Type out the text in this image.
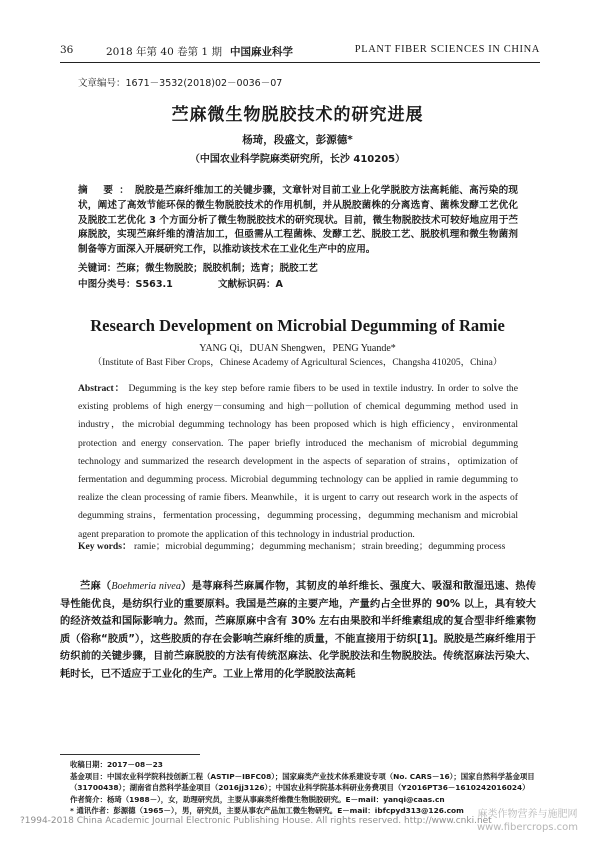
36	2018 年第 40 卷第 1 期 中国麻业科学	PLANT FIBER SCIENCES IN CHINA
文章编号：1671－3532(2018)02－0036－07
苎麻微生物脱胶技术的研究进展
杨琦，段盛文，彭源德*
（中国农业科学院麻类研究所，长沙 410205）
摘 要：脱胶是苎麻纤维加工的关键步骤，文章针对目前工业上化学脱胶方法高耗能、高污染的现状，阐述了高效节能环保的微生物脱胶技术的作用机制，并从脱胶菌株的分离选育、菌株发酵工艺优化及脱胶工艺优化 3 个方面分析了微生物脱胶技术的研究现状。目前，微生物脱胶技术可较好地应用于苎麻脱胶，实现苎麻纤维的清洁加工，但亟需从工程菌株、发酵工艺、脱胶工艺、脱胶机理和微生物菌剂制备等方面深入开展研究工作，以推动该技术在工业化生产中的应用。
关键词：苎麻；微生物脱胶；脱胶机制；选育；脱胶工艺
中图分类号：S563.1	文献标识码：A
Research Development on Microbial Degumming of Ramie
YANG Qi，DUAN Shengwen，PENG Yuande*
（Institute of Bast Fiber Crops，Chinese Academy of Agricultural Sciences，Changsha 410205，China）
Abstract： Degumming is the key step before ramie fibers to be used in textile industry. In order to solve the existing problems of high energy－consuming and high－pollution of chemical degumming method used in industry，the microbial degumming technology has been proposed which is high efficiency，environmental protection and energy conservation. The paper briefly introduced the mechanism of microbial degumming technology and summarized the research development in the aspects of separation of strains，optimization of fermentation and degumming process. Microbial degumming technology can be applied in ramie degumming to realize the clean processing of ramie fibers. Meanwhile，it is urgent to carry out research work in the aspects of degumming strains，fermentation processing，degumming processing，degumming mechanism and microbial agent preparation to promote the application of this technology in industrial production.
Key words： ramie；microbial degumming；degumming mechanism；strain breeding；degumming process
苎麻（Boehmeria nivea）是荨麻科苎麻属作物，其韧皮的单纤维长、强度大、吸湿和散湿迅速、热传导性能优良，是纺织行业的重要原料。我国是苎麻的主要产地，产量约占全世界的 90% 以上，具有较大的经济效益和国际影响力。然而，苎麻原麻中含有 30% 左右由果胶和半纤维素组成的复合型非纤维素物质（俗称“胶质”），这些胶质的存在会影响苎麻纤维的质量，不能直接用于纺织[1]。脱胶是苎麻纤维用于纺织前的关键步骤，目前苎麻脱胶的方法有传统沤麻法、化学脱胶法和生物脱胶法。传统沤麻法污染大、耗时长，已不适应于工业化的生产。工业上常用的化学脱胶法高耗
收稿日期：2017－08－23
基金项目：中国农业科学院科技创新工程（ASTIP－IBFC08）；国家麻类产业技术体系建设专项（No. CARS－16）；国家自然科学基金项目
（31700438）；湖南省自然科学基金项目（2016jj3126）；中国农业科学院基本科研业务费项目（Y2016PT36－1610242016024）
作者简介：杨琦（1988－），女，助理研究员，主要从事麻类纤维微生物脱胶研究。E－mail：yanqi@caas.cn
* 通讯作者：彭源德（1965－），男，研究员，主要从事农产品加工微生物研究。E－mail：ibfcpyd313@126.com
?1994-2018 China Academic Journal Electronic Publishing House. All rights reserved. http://www.cnki.net
麻类作物营养与施肥网
www.fibercrops.com
